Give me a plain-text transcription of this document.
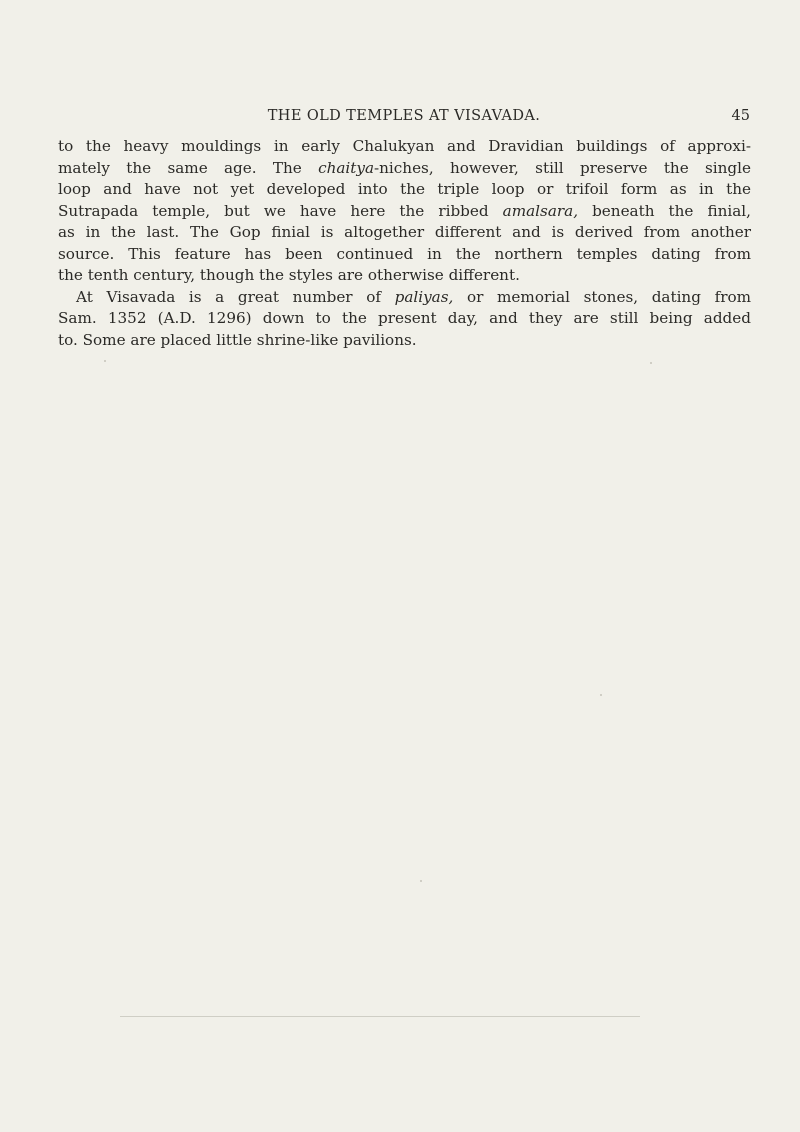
THE OLD TEMPLES AT VISAVADA.	45
to the heavy mouldings in early Chalukyan and Dravidian buildings of approxi-
mately the same age. The chaitya-niches, however, still preserve the single
loop and have not yet developed into the triple loop or trifoil form as in the
Sutrapada temple, but we have here the ribbed amalsara, beneath the finial,
as in the last. The Gop finial is altogether different and is derived from another
source. This feature has been continued in the northern temples dating from
the tenth century, though the styles are otherwise different.
At Visavada is a great number of paliyas, or memorial stones, dating from
Sam. 1352 (A.D. 1296) down to the present day, and they are still being added
to. Some are placed little shrine-like pavilions.
